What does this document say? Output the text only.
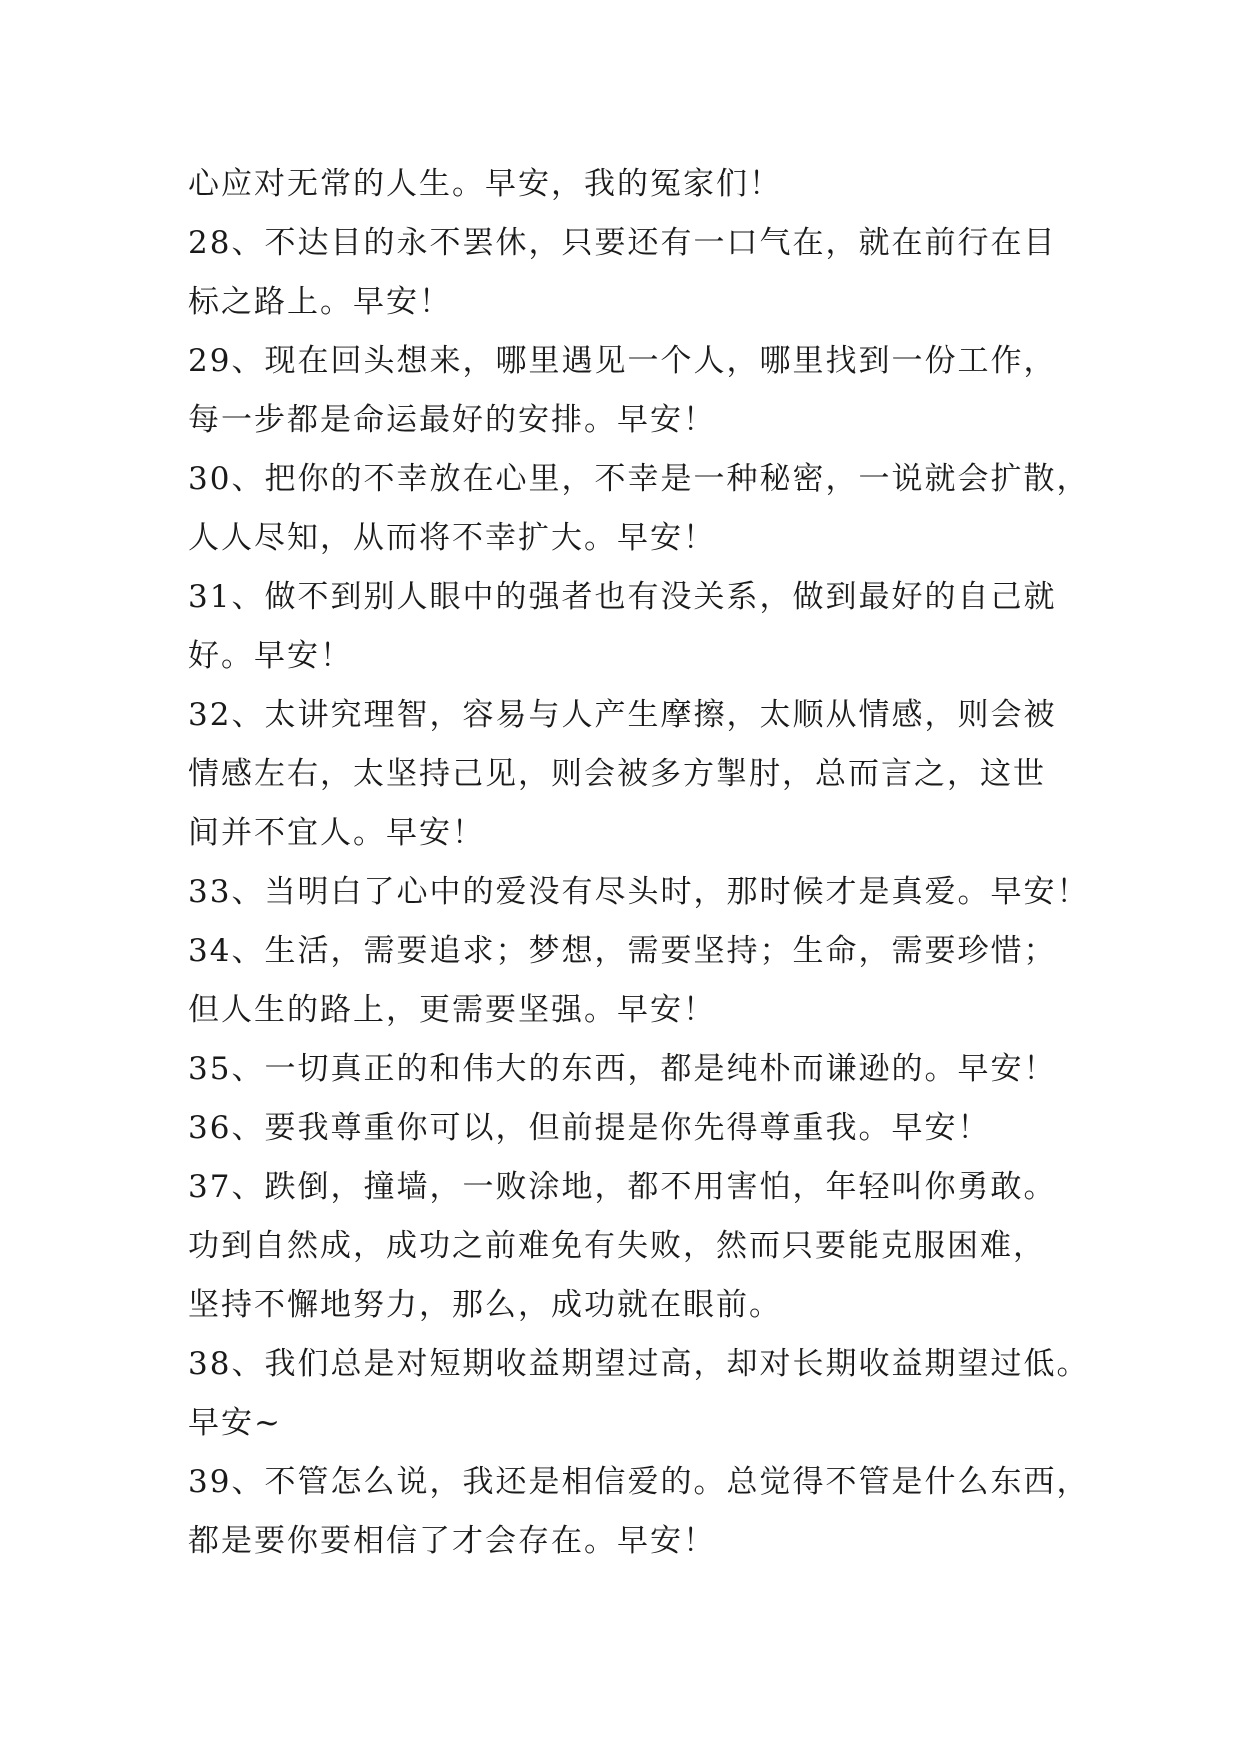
心应对无常的人生。早安，我的冤家们！

28、不达目的永不罢休，只要还有一口气在，就在前行在目
标之路上。早安！

29、现在回头想来，哪里遇见一个人，哪里找到一份工作，
每一步都是命运最好的安排。早安！

30、把你的不幸放在心里，不幸是一种秘密，一说就会扩散，
人人尽知，从而将不幸扩大。早安！

31、做不到别人眼中的强者也有没关系，做到最好的自己就
好。早安！

32、太讲究理智，容易与人产生摩擦，太顺从情感，则会被
情感左右，太坚持己见，则会被多方掣肘，总而言之，这世
间并不宜人。早安！

33、当明白了心中的爱没有尽头时，那时候才是真爱。早安！

34、生活，需要追求；梦想，需要坚持；生命，需要珍惜；
但人生的路上，更需要坚强。早安！

35、一切真正的和伟大的东西，都是纯朴而谦逊的。早安！

36、要我尊重你可以，但前提是你先得尊重我。早安！

37、跌倒，撞墙，一败涂地，都不用害怕，年轻叫你勇敢。
功到自然成，成功之前难免有失败，然而只要能克服困难，
坚持不懈地努力，那么，成功就在眼前。

38、我们总是对短期收益期望过高，却对长期收益期望过低。
早安~

39、不管怎么说，我还是相信爱的。总觉得不管是什么东西，
都是要你要相信了才会存在。早安！
